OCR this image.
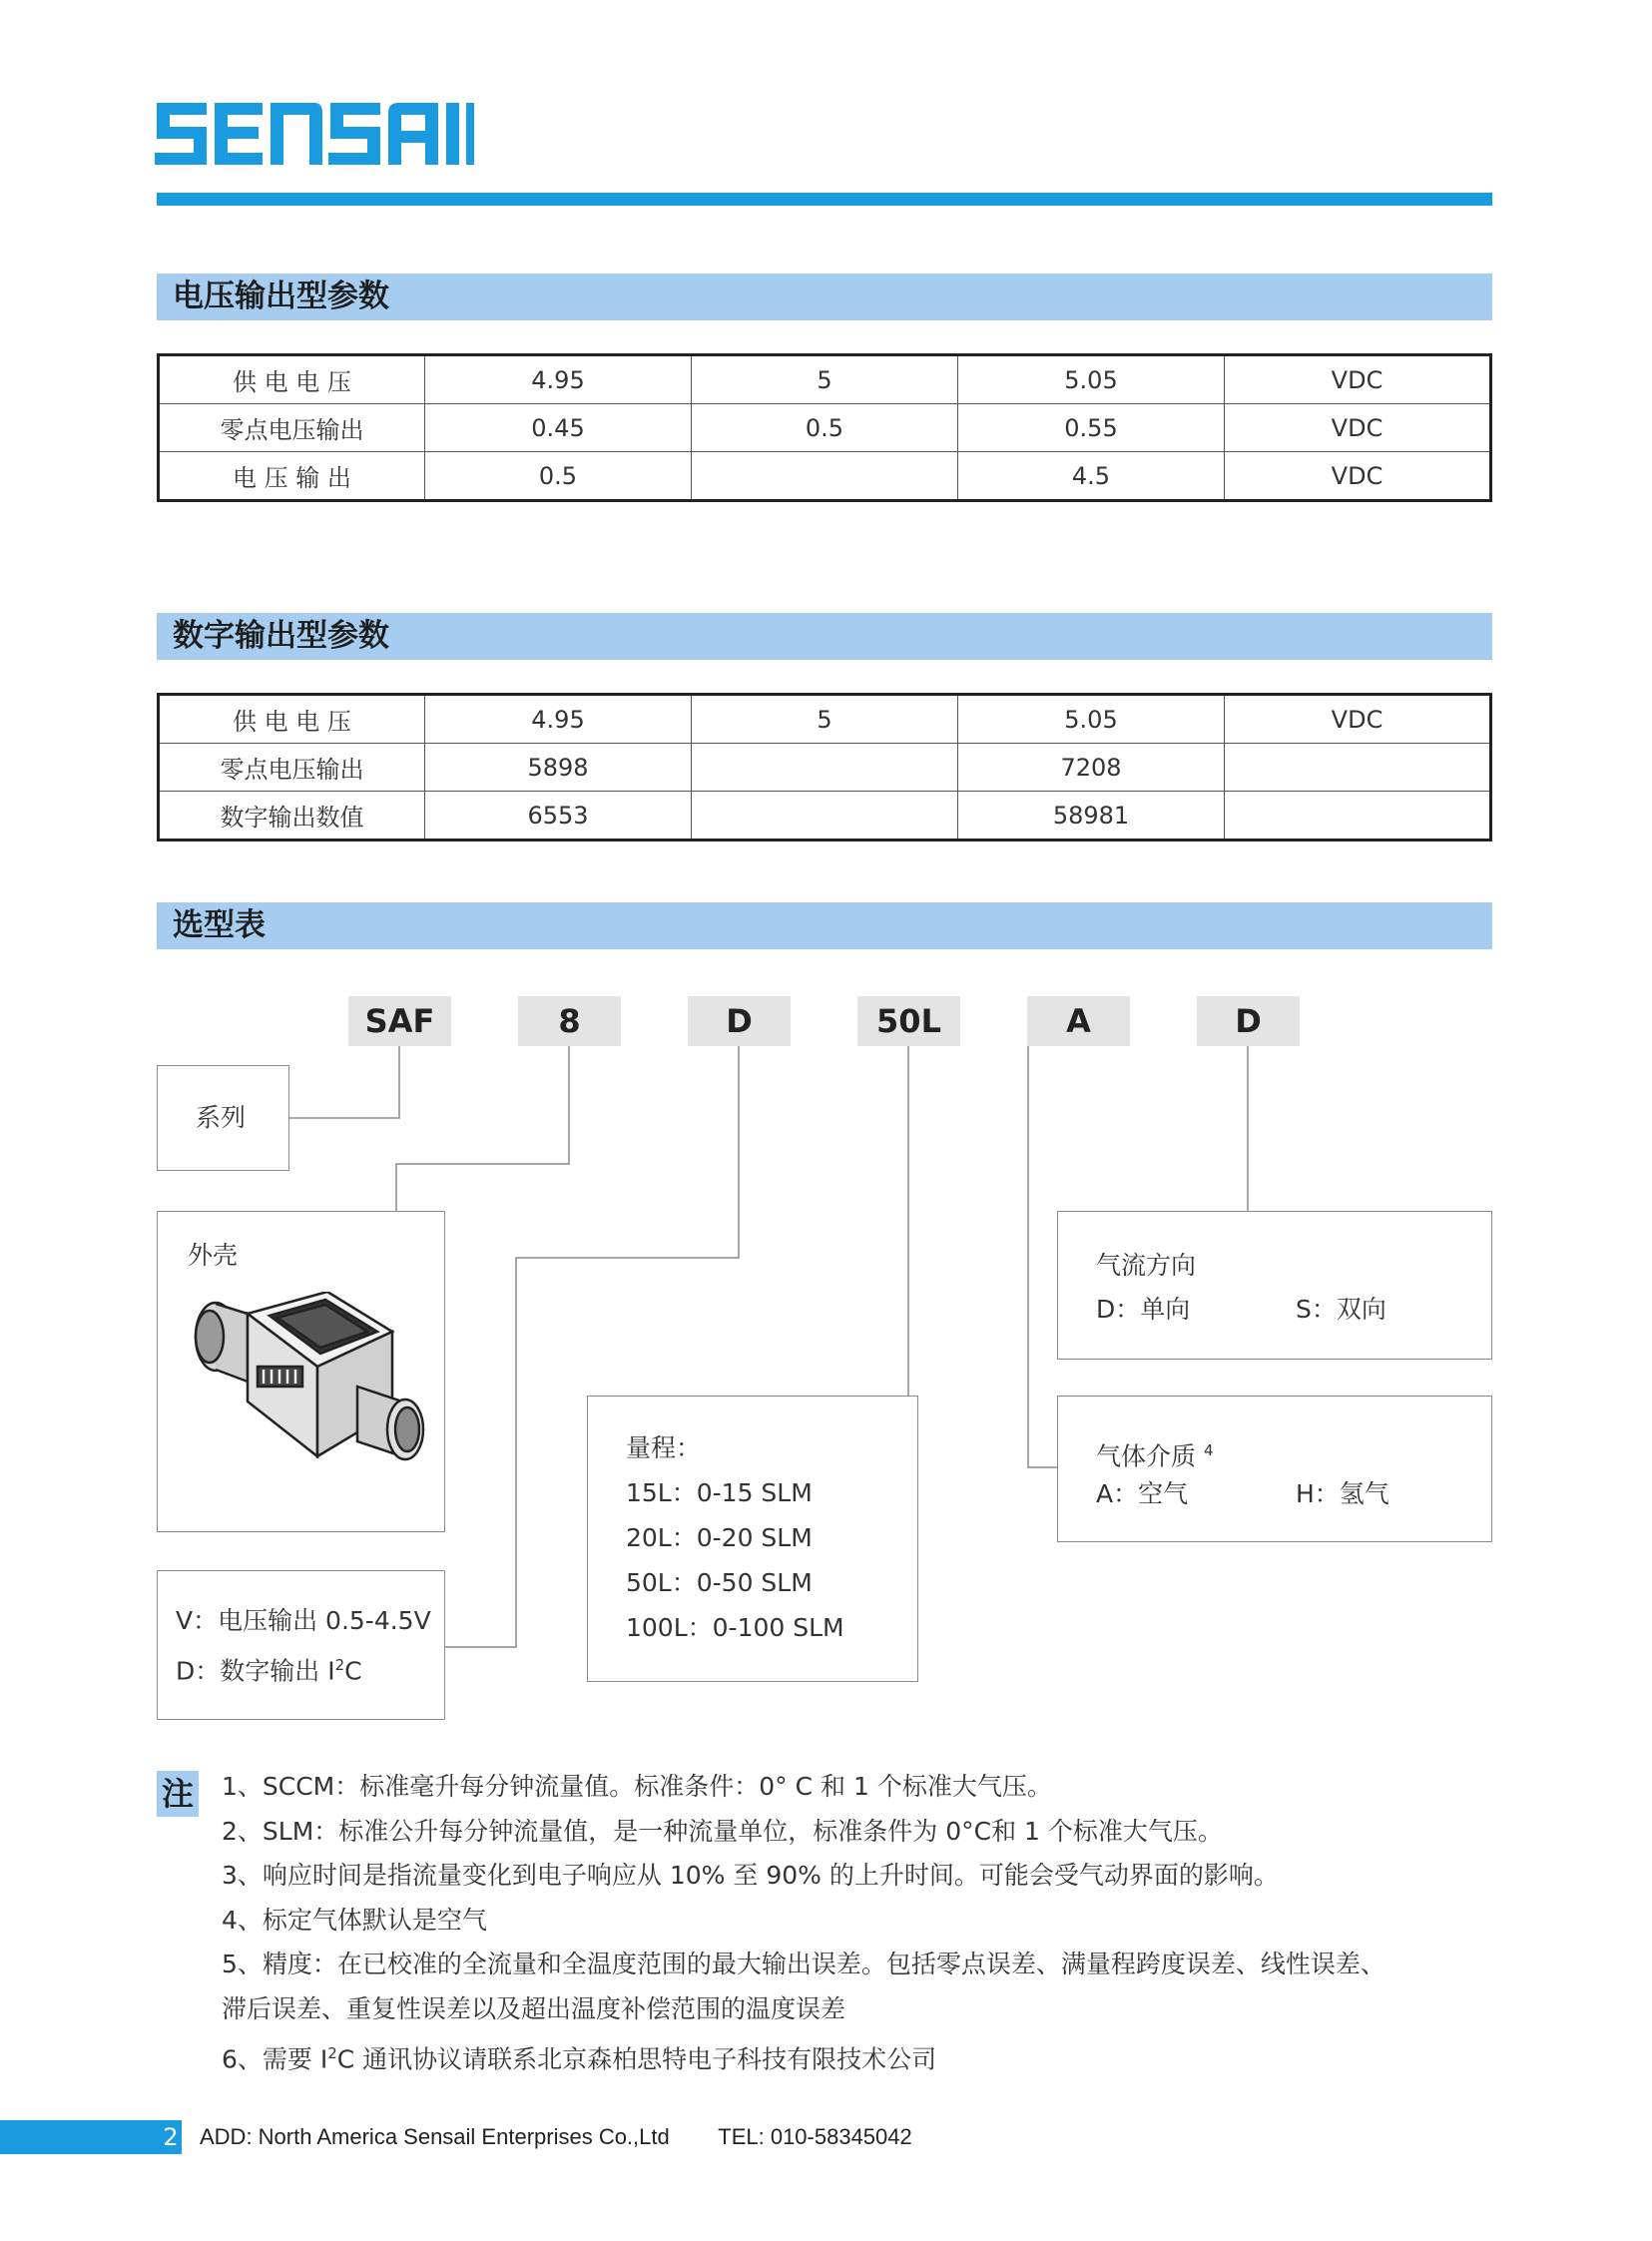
电压输出型参数
供 电 电 压	4.95	5	5.05	VDC
零点电压输出	0.45	0.5	0.55	VDC
电 压 输 出	0.5		4.5	VDC
数字输出型参数
供 电 电 压	4.95	5	5.05	VDC
零点电压输出	5898		7208	
数字输出数值	6553		58981	
选型表
SAF	8	D	50L	A	D
系列
外壳
V：电压输出 0.5-4.5V
D：数字输出 $I^2C$
量程：
15L：0-15 SLM
20L：0-20 SLM
50L：0-50 SLM
100L：0-100 SLM
气流方向
D：单向	S：双向
气体介质 $^4$
A：空气	H：氢气
注 1、SCCM：标准毫升每分钟流量值。标准条件：0° C 和 1 个标准大气压。
2、SLM：标准公升每分钟流量值，是一种流量单位，标准条件为 0°C和 1 个标准大气压。
3、响应时间是指流量变化到电子响应从 10% 至 90% 的上升时间。可能会受气动界面的影响。
4、标定气体默认是空气
5、精度：在已校准的全流量和全温度范围的最大输出误差。包括零点误差、满量程跨度误差、线性误差、
滞后误差、重复性误差以及超出温度补偿范围的温度误差
6、需要 $I^2C$ 通讯协议请联系北京森柏思特电子科技有限技术公司
2 ADD: North America Sensail Enterprises Co.,Ltd TEL: 010-58345042
